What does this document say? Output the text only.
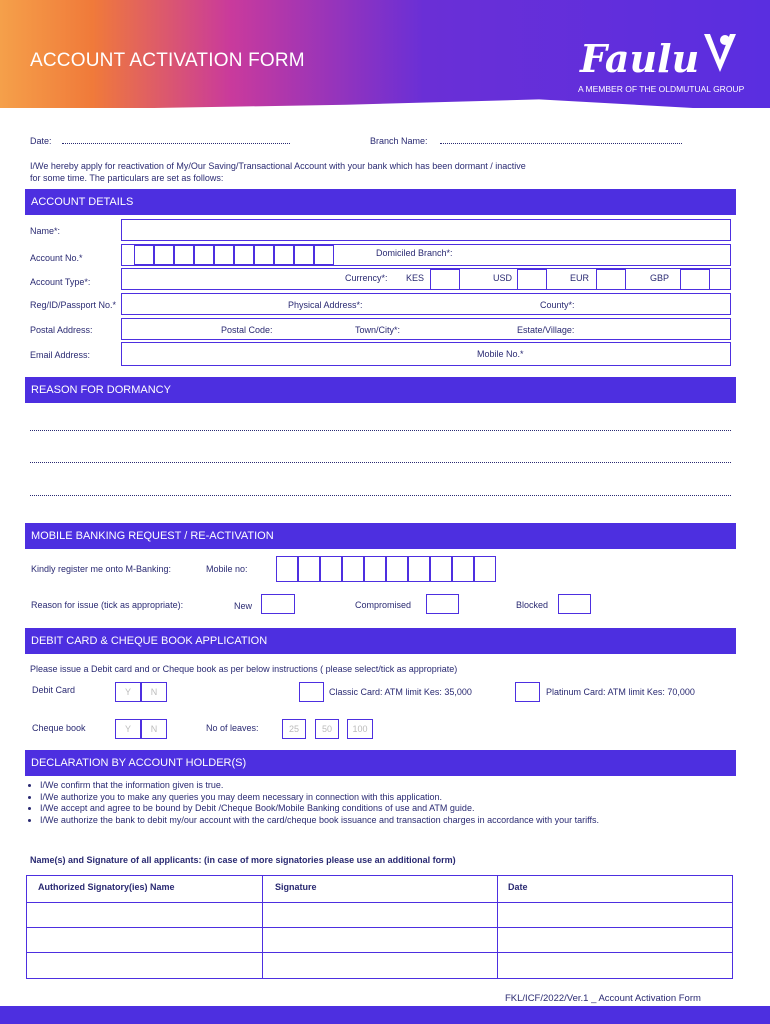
ACCOUNT ACTIVATION FORM	Faulu
A MEMBER OF THE OLDMUTUAL GROUP
Date:	Branch Name:
I/We hereby apply for reactivation of My/Our Saving/Transactional Account with your bank which has been dormant / inactive
for some time. The particulars are set as follows:
ACCOUNT DETAILS
Name*:
Account No.*	Domiciled Branch*:
Account Type*:	Currency*: KES	USD	EUR	GBP
Reg/ID/Passport No.*	Physical Address*:	County*:
Postal Address:	Postal Code:	Town/City*:	Estate/Village:
Email Address:	Mobile No.*
REASON FOR DORMANCY
MOBILE BANKING REQUEST / RE-ACTIVATION
Kindly register me onto M-Banking:	Mobile no:
Reason for issue (tick as appropriate):	New	Compromised	Blocked
DEBIT CARD & CHEQUE BOOK APPLICATION
Please issue a Debit card and or Cheque book as per below instructions ( please select/tick as appropriate)
Debit Card	Y	N	Classic Card: ATM limit Kes: 35,000	Platinum Card: ATM limit Kes: 70,000
Cheque book	Y	N	No of leaves:	25	50	100
DECLARATION BY ACCOUNT HOLDER(S)
• I/We confirm that the information given is true.
• I/We authorize you to make any queries you may deem necessary in connection with this application.
• I/We accept and agree to be bound by Debit /Cheque Book/Mobile Banking conditions of use and ATM guide.
• I/We authorize the bank to debit my/our account with the card/cheque book issuance and transaction charges in accordance with your tariffs.
Name(s) and Signature of all applicants: (in case of more signatories please use an additional form)
Authorized Signatory(ies) Name	Signature	Date
FKL/ICF/2022/Ver.1 _ Account Activation Form
